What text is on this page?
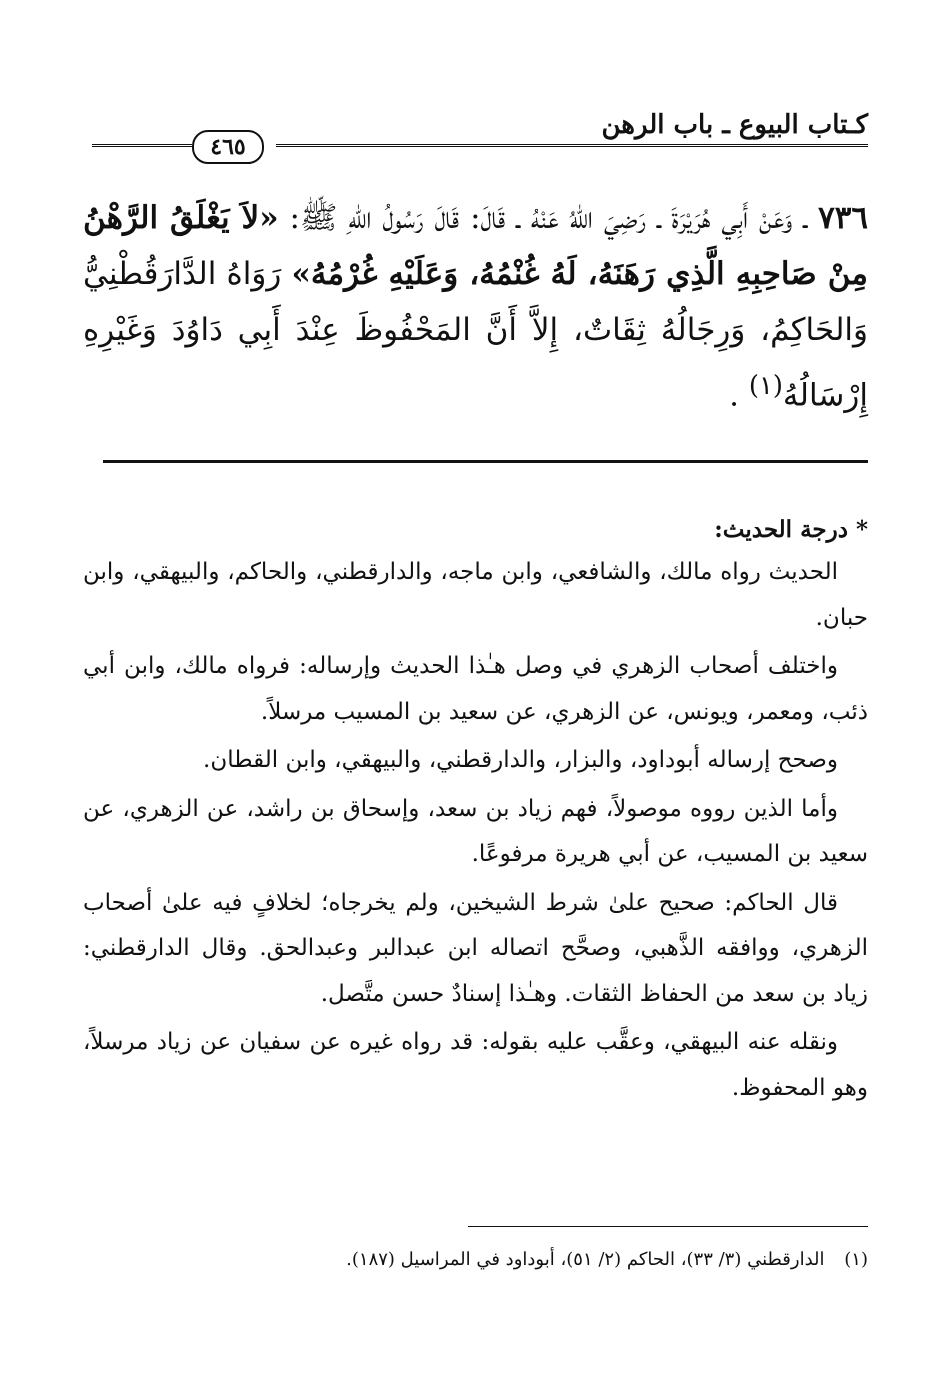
كـتاب البيوع ـ باب الرهن
٤٦٥
٧٣٦ ـ وَعَنْ أَبِي هُرَيْرَةَ ـ رَضِيَ اللهُ عَنْهُ ـ قَالَ: قَالَ رَسُولُ اللهِ ﷺ: «لاَ يَغْلَقُ الرَّهْنُ مِنْ صَاحِبِهِ الَّذِي رَهَنَهُ، لَهُ غُنْمُهُ، وَعَلَيْهِ غُرْمُهُ» رَوَاهُ الدَّارَقُطْنِيُّ وَالحَاكِمُ، وَرِجَالُهُ ثِقَاتٌ، إِلاَّ أَنَّ المَحْفُوظَ عِنْدَ أَبِي دَاوُدَ وَغَيْرِهِ إِرْسَالُهُ$^{(١)}$ .
* درجة الحديث:

الحديث رواه مالك، والشافعي، وابن ماجه، والدارقطني، والحاكم، والبيهقي، وابن حبان.

واختلف أصحاب الزهري في وصل هـٰذا الحديث وإرساله: فرواه مالك، وابن أبي ذئب، ومعمر، ويونس، عن الزهري، عن سعيد بن المسيب مرسلاً.

وصحح إرساله أبوداود، والبزار، والدارقطني، والبيهقي، وابن القطان.

وأما الذين رووه موصولاً، فهم زياد بن سعد، وإسحاق بن راشد، عن الزهري، عن سعيد بن المسيب، عن أبي هريرة مرفوعًا.

قال الحاكم: صحيح علىٰ شرط الشيخين، ولم يخرجاه؛ لخلافٍ فيه علىٰ أصحاب الزهري، ووافقه الذَّهبي، وصحَّح اتصاله ابن عبدالبر وعبدالحق. وقال الدارقطني: زياد بن سعد من الحفاظ الثقات. وهـٰذا إسنادٌ حسن متَّصل.

ونقله عنه البيهقي، وعقَّب عليه بقوله: قد رواه غيره عن سفيان عن زياد مرسلاً، وهو المحفوظ.

(١) الدارقطني (٣/ ٣٣)، الحاكم (٢/ ٥١)، أبوداود في المراسيل (١٨٧).
